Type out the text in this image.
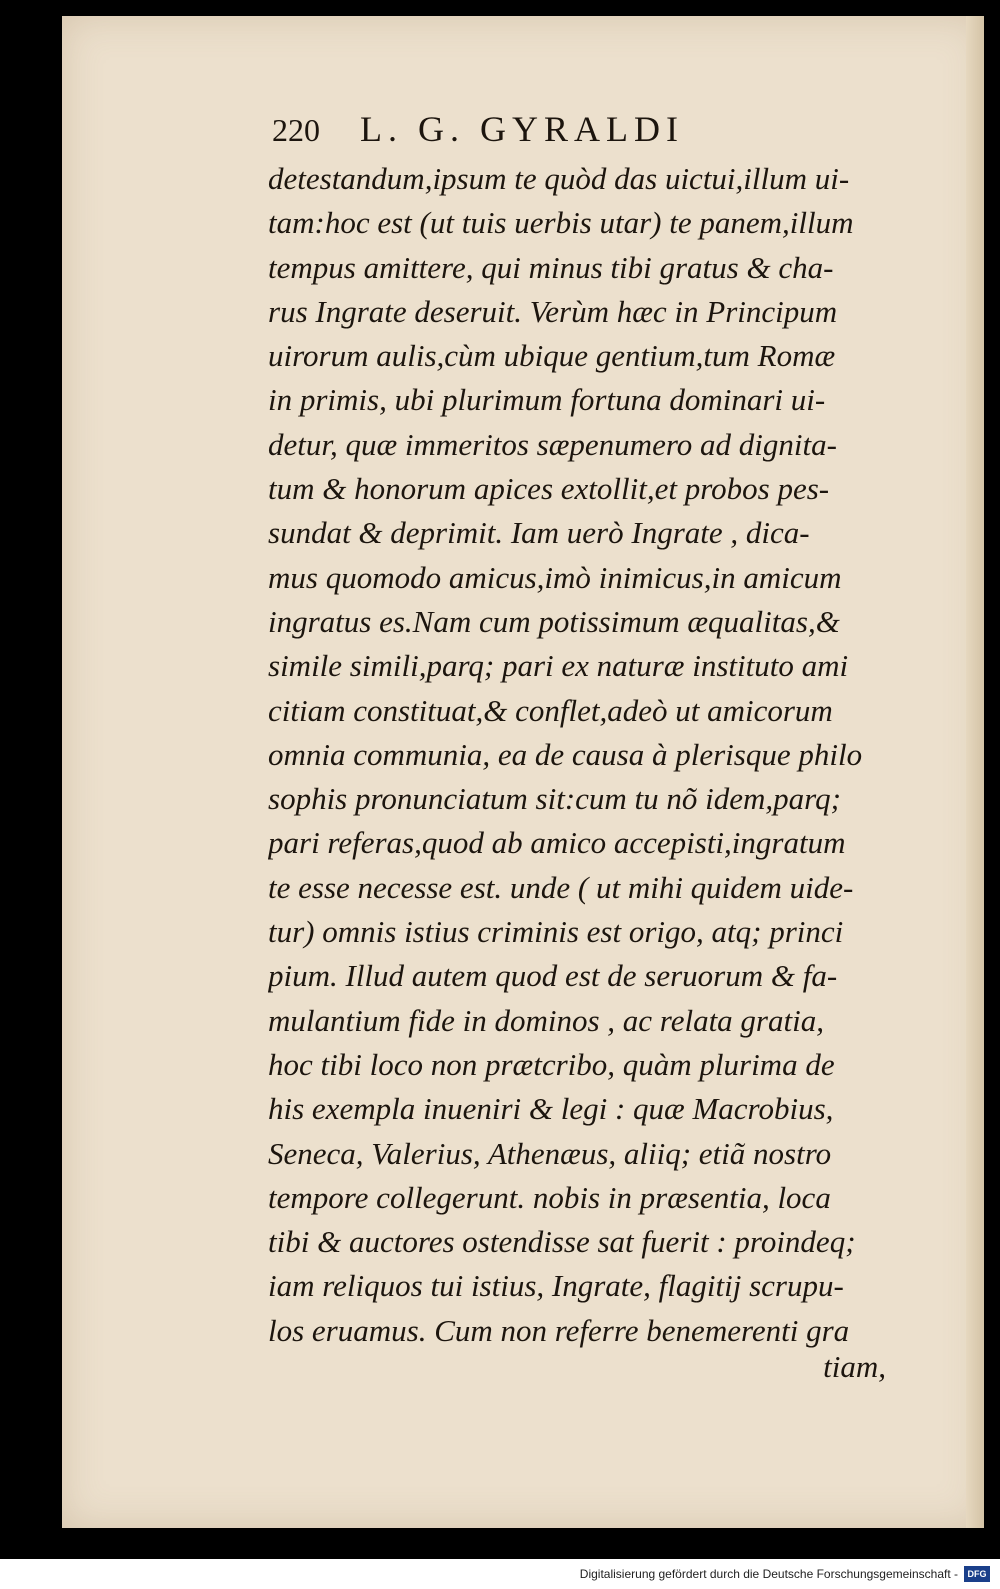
220	L. G. GYRALDI
detestandum,ipsum te quòd das uictui,illum ui-
tam:hoc est (ut tuis uerbis utar) te panem,illum
tempus amittere, qui minus tibi gratus & cha-
rus Ingrate deseruit. Verùm hæc in Principum
uirorum aulis,cùm ubique gentium,tum Romæ
in primis, ubi plurimum fortuna dominari ui-
detur, quæ immeritos sæpenumero ad dignita-
tum & honorum apices extollit,et probos pes-
sundat & deprimit. Iam uerò Ingrate , dica-
mus quomodo amicus,imò inimicus,in amicum
ingratus es.Nam cum potissimum æqualitas,&
simile simili,parq; pari ex naturæ instituto ami
citiam constituat,& conflet,adeò ut amicorum
omnia communia, ea de causa à plerisque philo
sophis pronunciatum sit:cum tu nõ idem,parq;
pari referas,quod ab amico accepisti,ingratum
te esse necesse est. unde ( ut mihi quidem uide-
tur) omnis istius criminis est origo, atq; princi
pium. Illud autem quod est de seruorum & fa-
mulantium fide in dominos , ac relata gratia,
hoc tibi loco non prætcribo, quàm plurima de
his exempla inueniri & legi : quæ Macrobius,
Seneca, Valerius, Athenæus, aliiq; etiã nostro
tempore collegerunt. nobis in præsentia, loca
tibi & auctores ostendisse sat fuerit : proindeq;
iam reliquos tui istius, Ingrate, flagitij scrupu-
los eruamus. Cum non referre benemerenti gra
tiam,
Digitalisierung gefördert durch die Deutsche Forschungsgemeinschaft -	DFG
